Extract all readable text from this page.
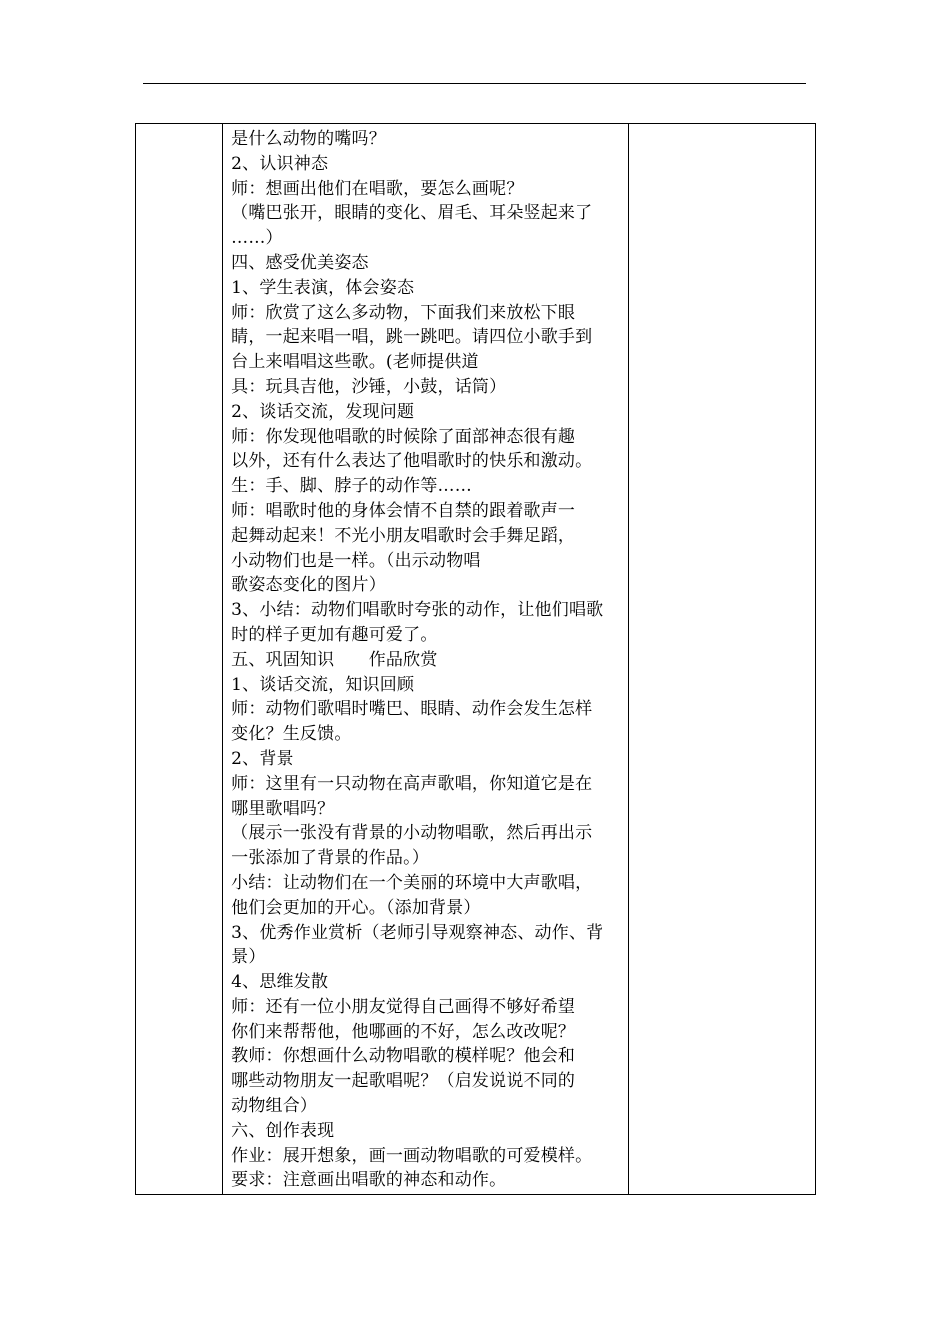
是什么动物的嘴吗？
2、认识神态
师：想画出他们在唱歌，要怎么画呢？
（嘴巴张开，眼睛的变化、眉毛、耳朵竖起来了
……）
四、感受优美姿态
1、学生表演，体会姿态
师：欣赏了这么多动物，下面我们来放松下眼
睛，一起来唱一唱，跳一跳吧。请四位小歌手到
台上来唱唱这些歌。(老师提供道
具：玩具吉他，沙锤，小鼓，话筒）
2、谈话交流，发现问题
师：你发现他唱歌的时候除了面部神态很有趣
以外，还有什么表达了他唱歌时的快乐和激动。
生：手、脚、脖子的动作等……
师：唱歌时他的身体会情不自禁的跟着歌声一
起舞动起来！不光小朋友唱歌时会手舞足蹈，
小动物们也是一样。（出示动物唱
歌姿态变化的图片）
3、小结：动物们唱歌时夸张的动作，让他们唱歌
时的样子更加有趣可爱了。
五、巩固知识　　作品欣赏
1、谈话交流，知识回顾
师：动物们歌唱时嘴巴、眼睛、动作会发生怎样
变化？生反馈。
2、背景
师：这里有一只动物在高声歌唱，你知道它是在
哪里歌唱吗？
（展示一张没有背景的小动物唱歌，然后再出示
一张添加了背景的作品。）
小结：让动物们在一个美丽的环境中大声歌唱，
他们会更加的开心。（添加背景）
3、优秀作业赏析（老师引导观察神态、动作、背
景）
4、思维发散
师：还有一位小朋友觉得自己画得不够好希望
你们来帮帮他，他哪画的不好，怎么改改呢？
教师：你想画什么动物唱歌的模样呢？他会和
哪些动物朋友一起歌唱呢？（启发说说不同的
动物组合）
六、创作表现
作业：展开想象，画一画动物唱歌的可爱模样。
要求：注意画出唱歌的神态和动作。
